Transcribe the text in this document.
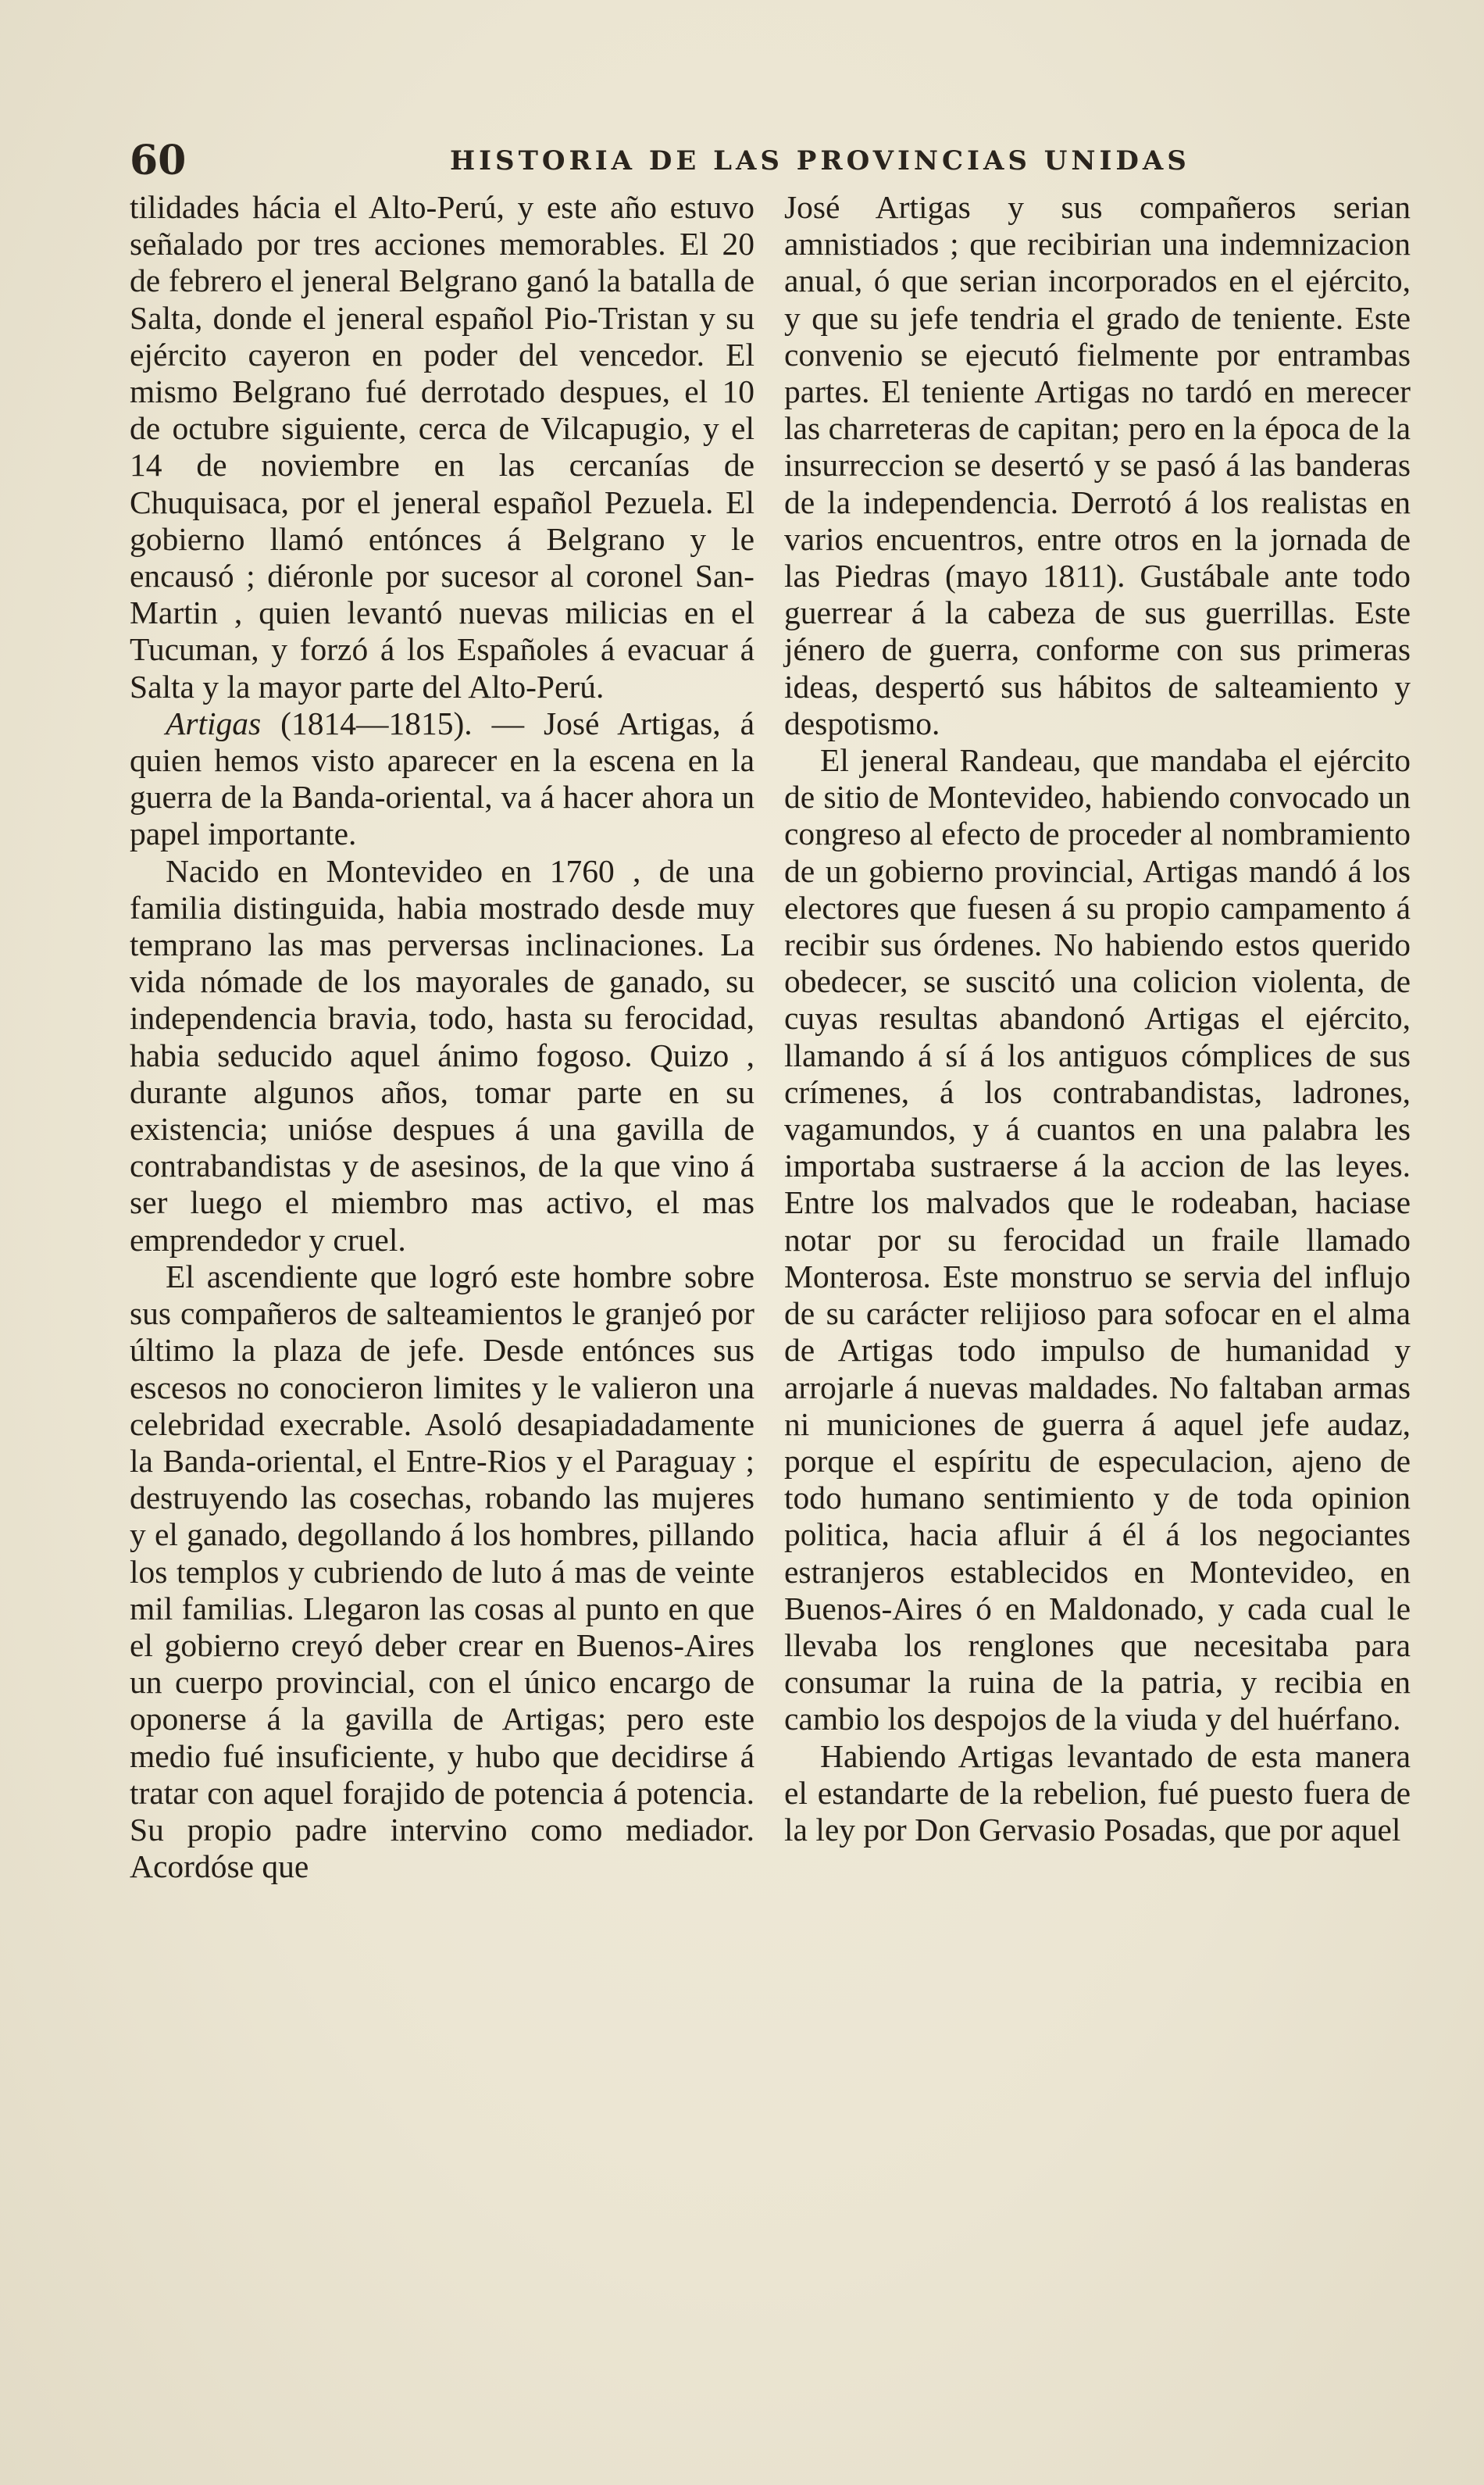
60	HISTORIA DE LAS PROVINCIAS UNIDAS

tilidades hácia el Alto-Perú, y este año estuvo señalado por tres acciones memorables. El 20 de febrero el jeneral Belgrano ganó la batalla de Salta, donde el jeneral español Pio-Tristan y su ejército cayeron en poder del vencedor. El mismo Belgrano fué derrotado despues, el 10 de octubre siguiente, cerca de Vilcapugio, y el 14 de noviembre en las cercanías de Chuquisaca, por el jeneral español Pezuela. El gobierno llamó entónces á Belgrano y le encausó ; diéronle por sucesor al coronel San-Martin , quien levantó nuevas milicias en el Tucuman, y forzó á los Españoles á evacuar á Salta y la mayor parte del Alto-Perú.

Artigas (1814—1815). — José Artigas, á quien hemos visto aparecer en la escena en la guerra de la Banda-oriental, va á hacer ahora un papel importante.

Nacido en Montevideo en 1760 , de una familia distinguida, habia mostrado desde muy temprano las mas perversas inclinaciones. La vida nómade de los mayorales de ganado, su independencia bravia, todo, hasta su ferocidad, habia seducido aquel ánimo fogoso. Quizo , durante algunos años, tomar parte en su existencia; unióse despues á una gavilla de contrabandistas y de asesinos, de la que vino á ser luego el miembro mas activo, el mas emprendedor y cruel.

El ascendiente que logró este hombre sobre sus compañeros de salteamientos le granjeó por último la plaza de jefe. Desde entónces sus escesos no conocieron limites y le valieron una celebridad execrable. Asoló desapiadadamente la Banda-oriental, el Entre-Rios y el Paraguay ; destruyendo las cosechas, robando las mujeres y el ganado, degollando á los hombres, pillando los templos y cubriendo de luto á mas de veinte mil familias. Llegaron las cosas al punto en que el gobierno creyó deber crear en Buenos-Aires un cuerpo provincial, con el único encargo de oponerse á la gavilla de Artigas; pero este medio fué insuficiente, y hubo que decidirse á tratar con aquel forajido de potencia á potencia. Su propio padre intervino como mediador. Acordóse que

José Artigas y sus compañeros serian amnistiados ; que recibirian una indemnizacion anual, ó que serian incorporados en el ejército, y que su jefe tendria el grado de teniente. Este convenio se ejecutó fielmente por entrambas partes. El teniente Artigas no tardó en merecer las charreteras de capitan; pero en la época de la insurreccion se desertó y se pasó á las banderas de la independencia. Derrotó á los realistas en varios encuentros, entre otros en la jornada de las Piedras (mayo 1811). Gustábale ante todo guerrear á la cabeza de sus guerrillas. Este jénero de guerra, conforme con sus primeras ideas, despertó sus hábitos de salteamiento y despotismo.

El jeneral Randeau, que mandaba el ejército de sitio de Montevideo, habiendo convocado un congreso al efecto de proceder al nombramiento de un gobierno provincial, Artigas mandó á los electores que fuesen á su propio campamento á recibir sus órdenes. No habiendo estos querido obedecer, se suscitó una colicion violenta, de cuyas resultas abandonó Artigas el ejército, llamando á sí á los antiguos cómplices de sus crímenes, á los contrabandistas, ladrones, vagamundos, y á cuantos en una palabra les importaba sustraerse á la accion de las leyes. Entre los malvados que le rodeaban, haciase notar por su ferocidad un fraile llamado Monterosa. Este monstruo se servia del influjo de su carácter relijioso para sofocar en el alma de Artigas todo impulso de humanidad y arrojarle á nuevas maldades. No faltaban armas ni municiones de guerra á aquel jefe audaz, porque el espíritu de especulacion, ajeno de todo humano sentimiento y de toda opinion politica, hacia afluir á él á los negociantes estranjeros establecidos en Montevideo, en Buenos-Aires ó en Maldonado, y cada cual le llevaba los renglones que necesitaba para consumar la ruina de la patria, y recibia en cambio los despojos de la viuda y del huérfano.

Habiendo Artigas levantado de esta manera el estandarte de la rebelion, fué puesto fuera de la ley por Don Gervasio Posadas, que por aquel
